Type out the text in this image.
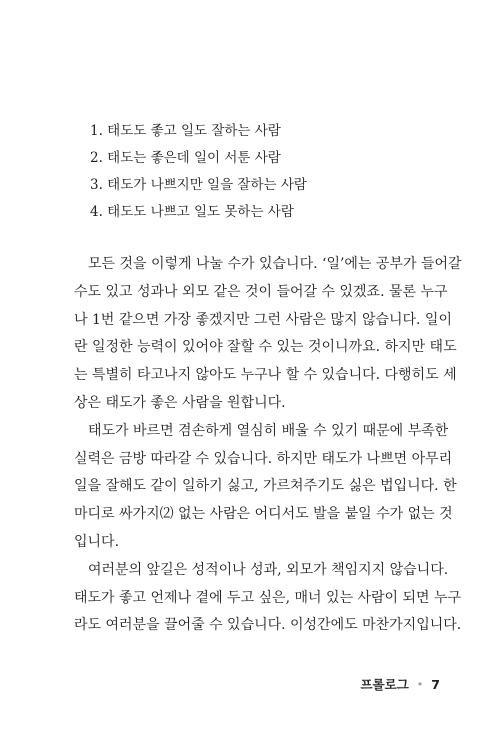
1. 태도도 좋고 일도 잘하는 사람
2. 태도는 좋은데 일이 서툰 사람
3. 태도가 나쁘지만 일을 잘하는 사람
4. 태도도 나쁘고 일도 못하는 사람
모든 것을 이렇게 나눌 수가 있습니다. ‘일’에는 공부가 들어갈
수도 있고 성과나 외모 같은 것이 들어갈 수 있겠죠. 물론 누구
나 1번 같으면 가장 좋겠지만 그런 사람은 많지 않습니다. 일이
란 일정한 능력이 있어야 잘할 수 있는 것이니까요. 하지만 태도
는 특별히 타고나지 않아도 누구나 할 수 있습니다. 다행히도 세
상은 태도가 좋은 사람을 원합니다.
태도가 바르면 겸손하게 열심히 배울 수 있기 때문에 부족한
실력은 금방 따라갈 수 있습니다. 하지만 태도가 나쁘면 아무리
일을 잘해도 같이 일하기 싫고, 가르쳐주기도 싫은 법입니다. 한
마디로 싸가지⑵ 없는 사람은 어디서도 발을 붙일 수가 없는 것
입니다.
여러분의 앞길은 성적이나 성과, 외모가 책임지지 않습니다.
태도가 좋고 언제나 곁에 두고 싶은, 매너 있는 사람이 되면 누구
라도 여러분을 끌어줄 수 있습니다. 이성간에도 마찬가지입니다.
프롤로그 • 7
